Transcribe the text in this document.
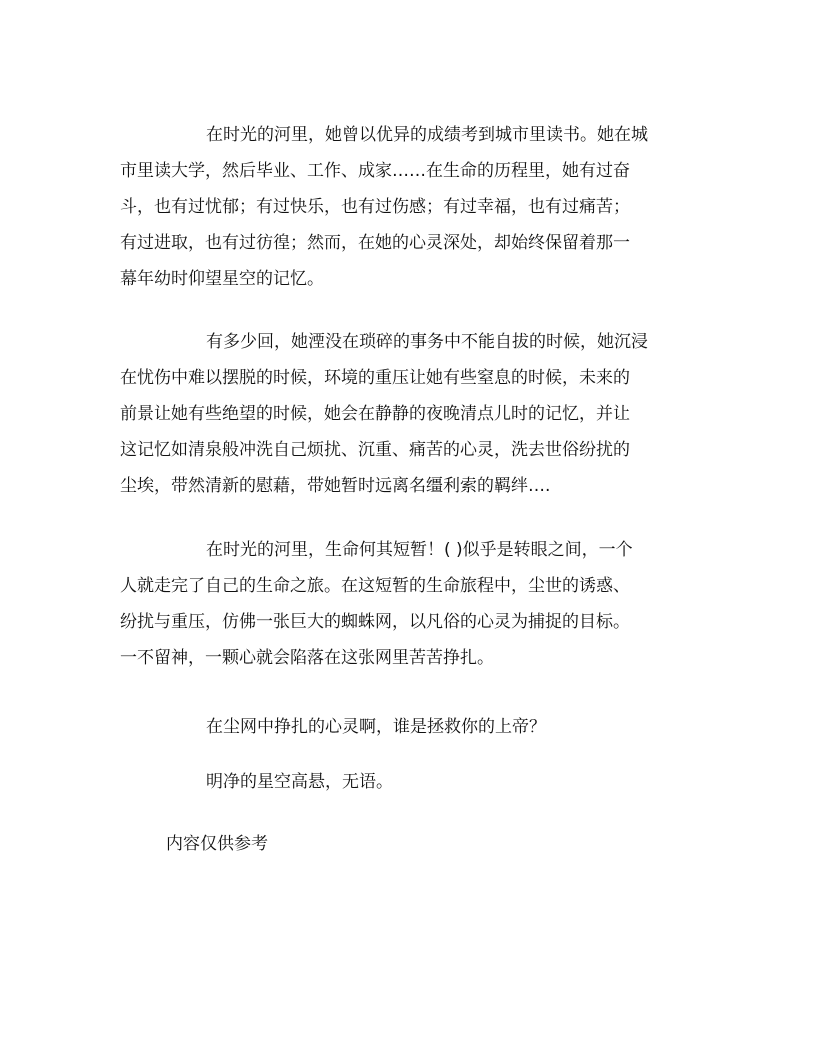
在时光的河里，她曾以优异的成绩考到城市里读书。她在城
市里读大学，然后毕业、工作、成家……在生命的历程里，她有过奋
斗，也有过忧郁；有过快乐，也有过伤感；有过幸福，也有过痛苦；
有过进取，也有过彷徨；然而，在她的心灵深处，却始终保留着那一
幕年幼时仰望星空的记忆。
有多少回，她湮没在琐碎的事务中不能自拔的时候，她沉浸
在忧伤中难以摆脱的时候，环境的重压让她有些窒息的时候，未来的
前景让她有些绝望的时候，她会在静静的夜晚清点儿时的记忆，并让
这记忆如清泉般冲洗自己烦扰、沉重、痛苦的心灵，洗去世俗纷扰的
尘埃，带然清新的慰藉，带她暂时远离名缰利索的羁绊….
在时光的河里，生命何其短暂！( )似乎是转眼之间，一个
人就走完了自己的生命之旅。在这短暂的生命旅程中，尘世的诱惑、
纷扰与重压，仿佛一张巨大的蜘蛛网，以凡俗的心灵为捕捉的目标。
一不留神，一颗心就会陷落在这张网里苦苦挣扎。
在尘网中挣扎的心灵啊，谁是拯救你的上帝？
明净的星空高悬，无语。
内容仅供参考
